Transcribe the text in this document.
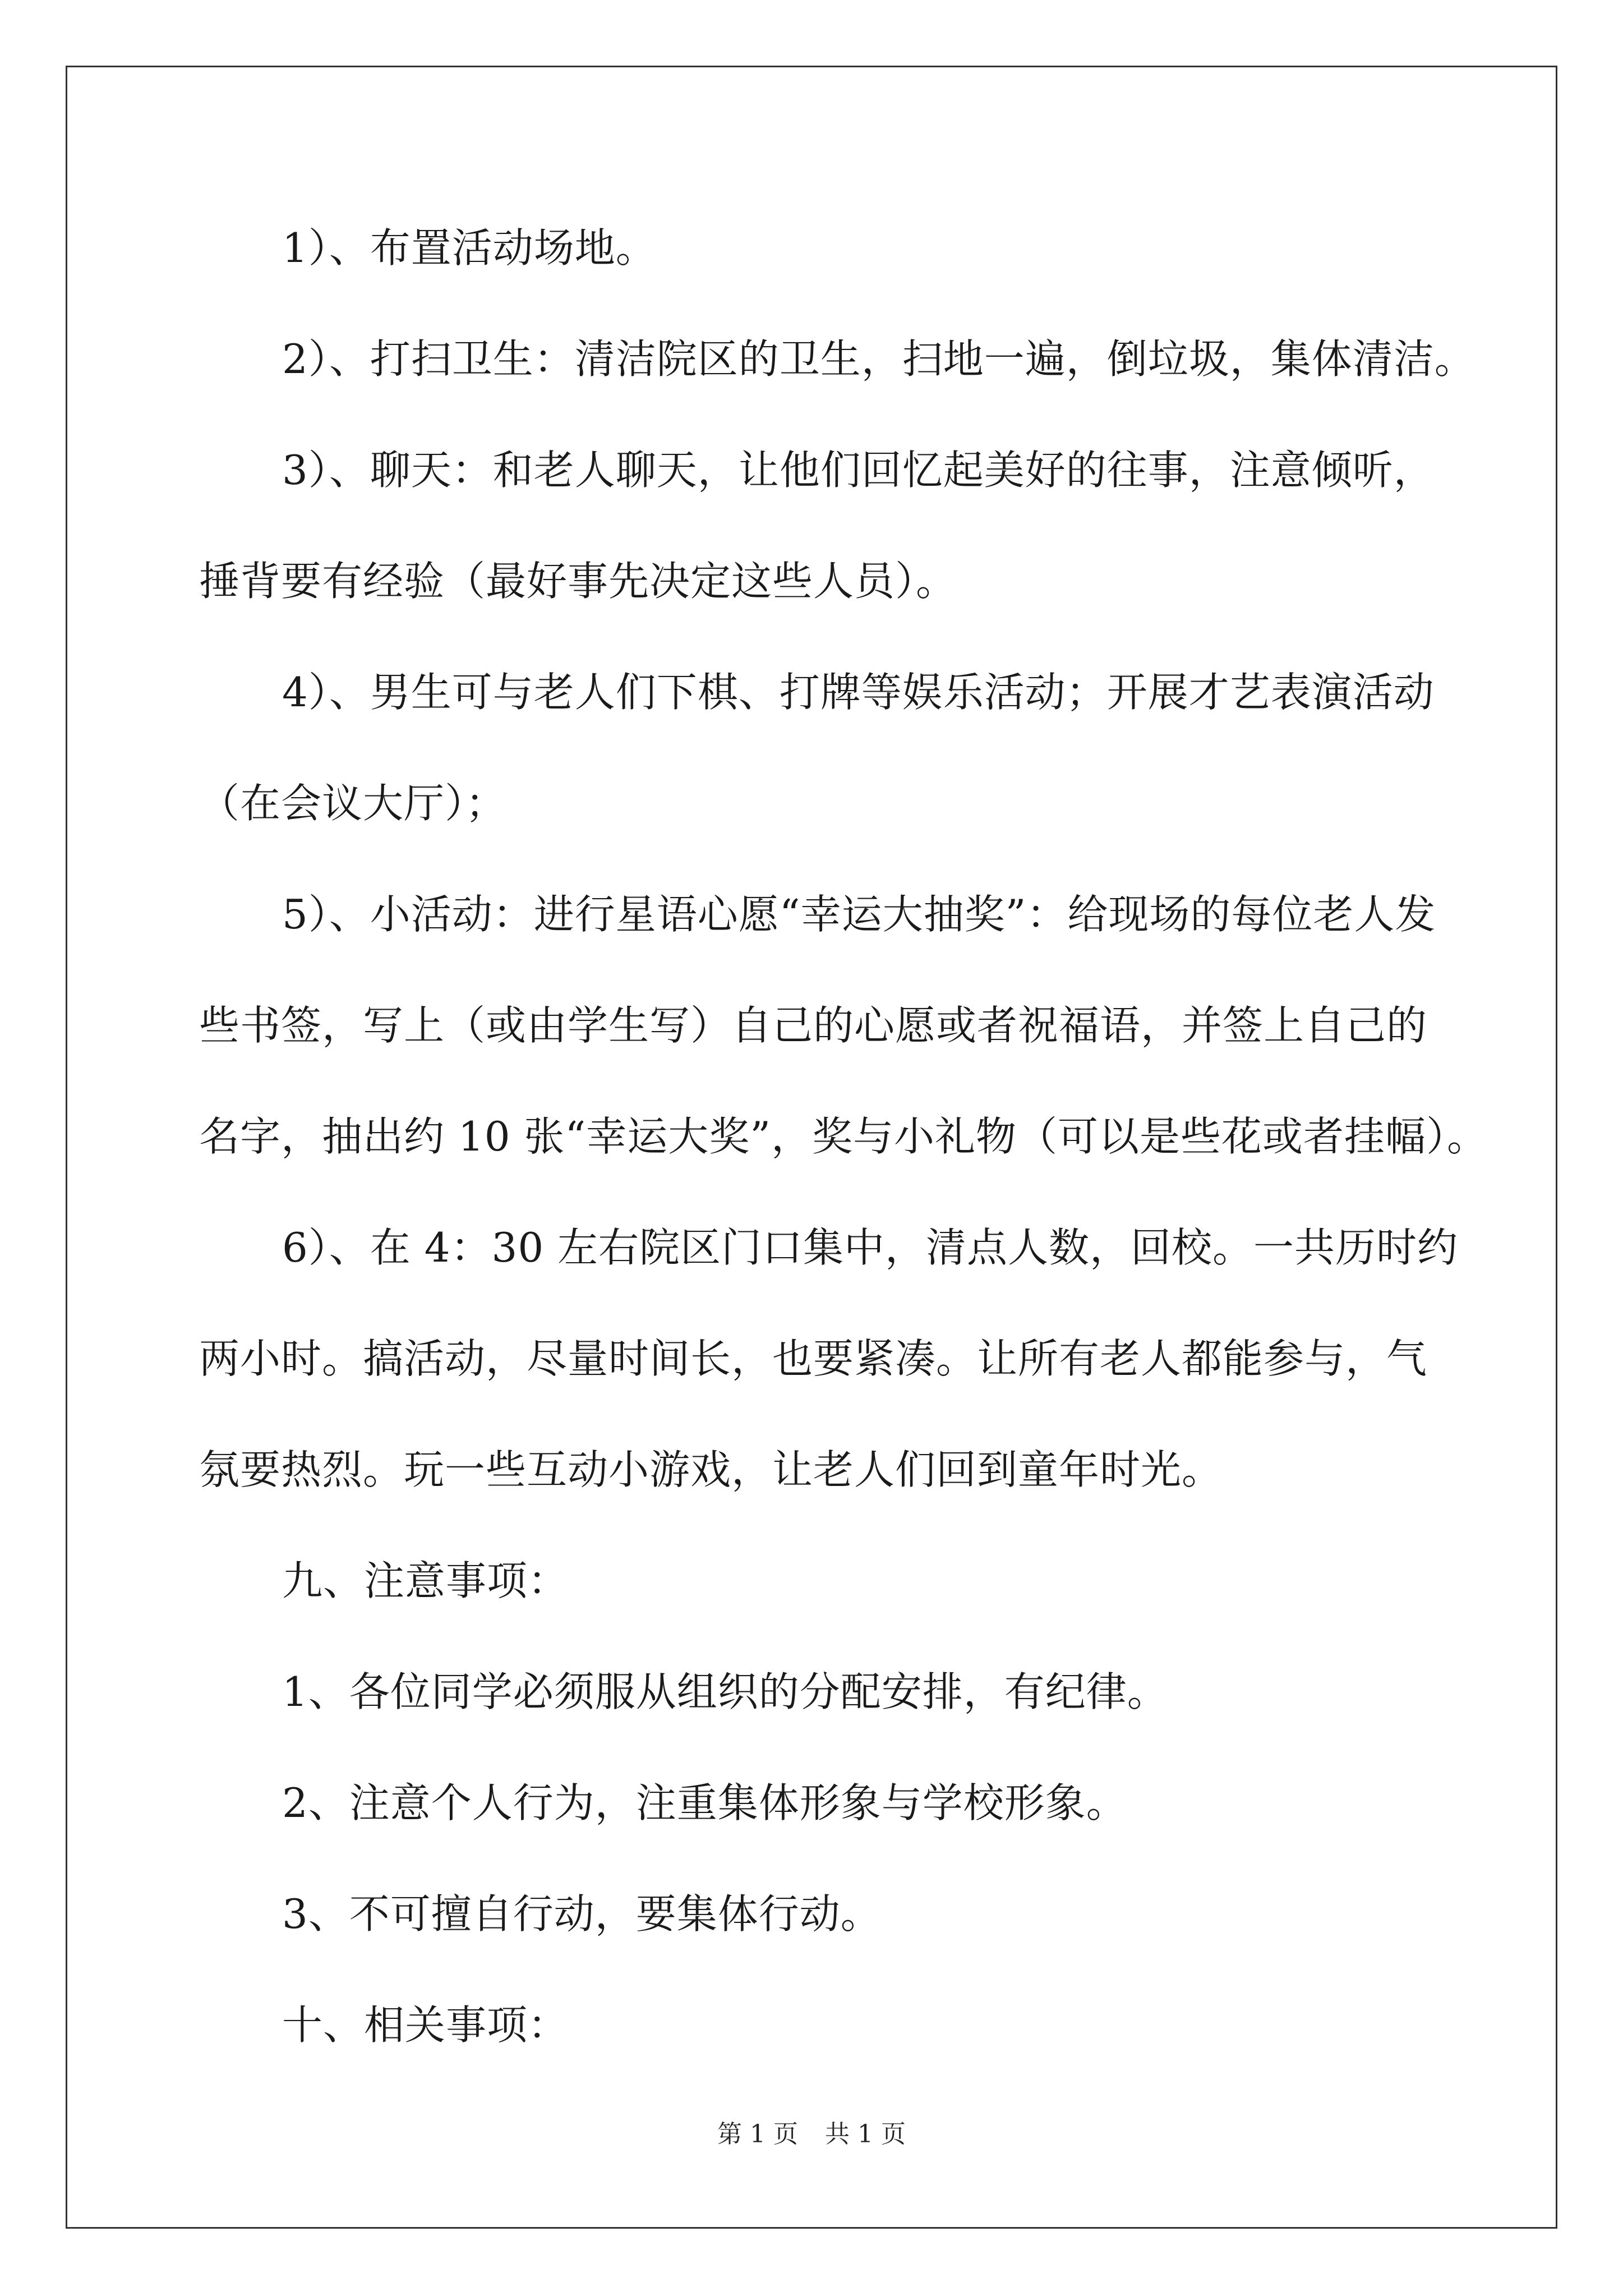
1）、布置活动场地。
2）、打扫卫生：清洁院区的卫生，扫地一遍，倒垃圾，集体清洁。
3）、聊天：和老人聊天，让他们回忆起美好的往事，注意倾听，
捶背要有经验（最好事先决定这些人员）。
4）、男生可与老人们下棋、打牌等娱乐活动；开展才艺表演活动
（在会议大厅）；
5）、小活动：进行星语心愿“幸运大抽奖”：给现场的每位老人发
些书签，写上（或由学生写）自己的心愿或者祝福语，并签上自己的
名字，抽出约 10 张“幸运大奖”，奖与小礼物（可以是些花或者挂幅）。
6）、在 4：30 左右院区门口集中，清点人数，回校。一共历时约
两小时。搞活动，尽量时间长，也要紧凑。让所有老人都能参与，气
氛要热烈。玩一些互动小游戏，让老人们回到童年时光。
九、注意事项：
1、各位同学必须服从组织的分配安排，有纪律。
2、注意个人行为，注重集体形象与学校形象。
3、不可擅自行动，要集体行动。
十、相关事项：
第 1 页 共 1 页
